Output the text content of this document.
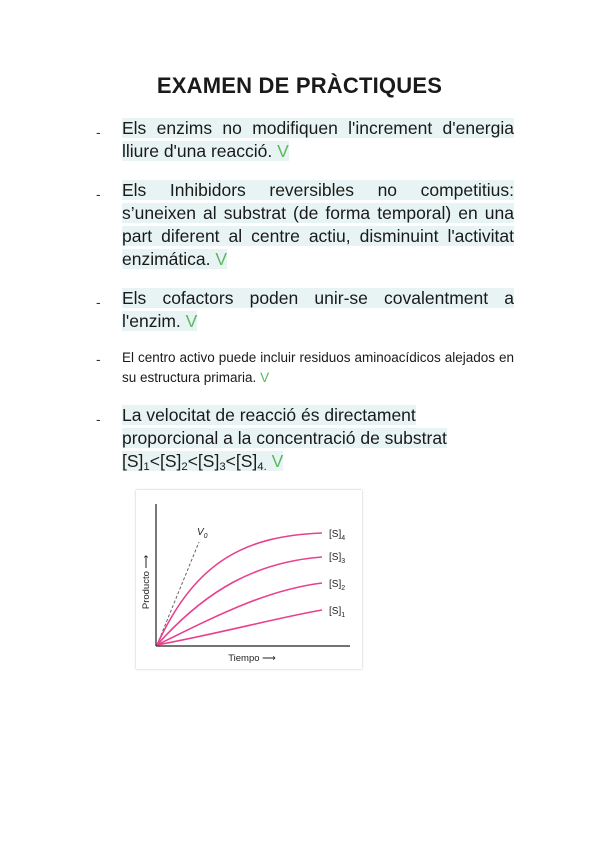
EXAMEN DE PRÀCTIQUES
- Els enzims no modifiquen l'increment d'energia lliure d'una reacció. V
- Els Inhibidors reversibles no competitius: s’uneixen al substrat (de forma temporal) en una part diferent al centre actiu, disminuint l'activitat enzimática. V
- Els cofactors poden unir-se covalentment a l'enzim. V
- El centro activo puede incluir residuos aminoacídicos alejados en su estructura primaria. V
- La velocitat de reacció és directament proporcional a la concentració de substrat $[S]_1<[S]_2<[S]_3<[S]_{4.}$ V
$V_0$	$[S]_4$
$[S]_3$
$[S]_2$
$[S]_1$
Producto ⟶
Tiempo ⟶
